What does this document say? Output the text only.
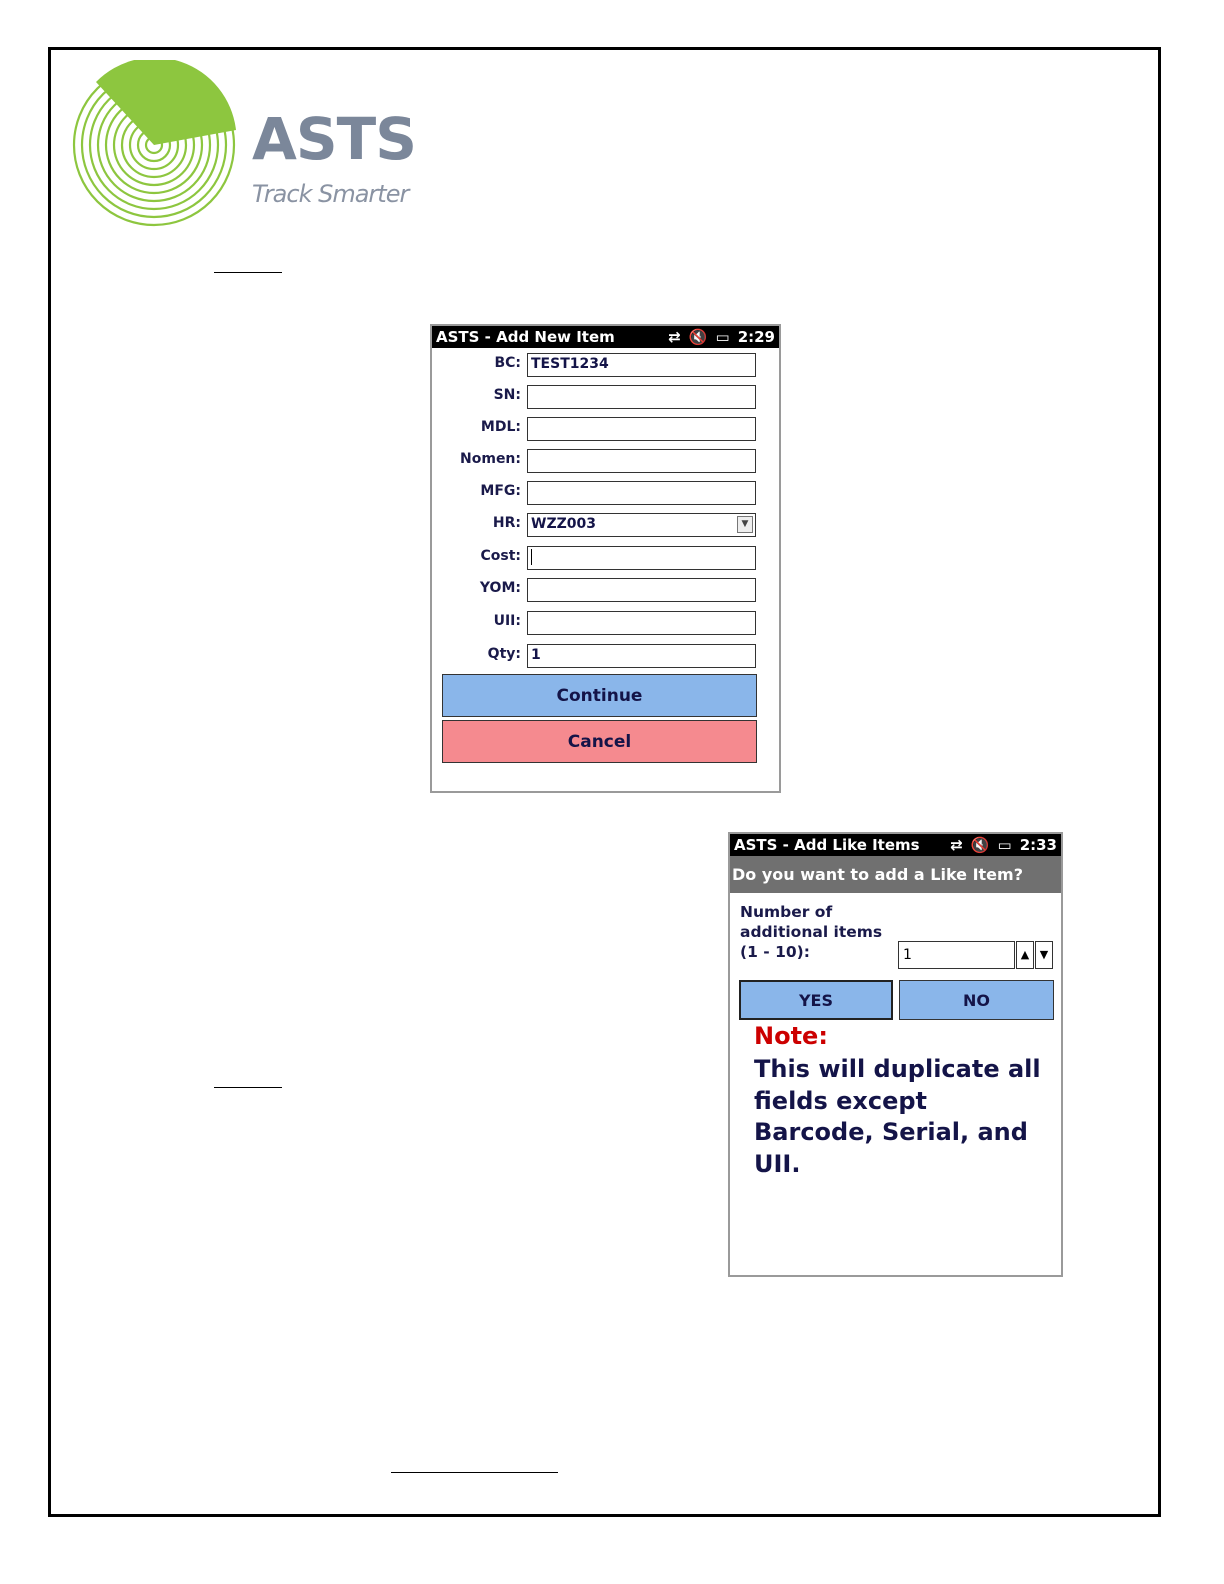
ASTS
Track Smarter
ASTS - Add New Item	⇄ 🔇 ▭ 2:29
BC: TEST1234
SN:
MDL:
Nomen:
MFG:
HR: WZZ003	▼
Cost:
YOM:
UII:
Qty: 1
Continue
Cancel
ASTS - Add Like Items	⇄ 🔇 ▭ 2:33
Do you want to add a Like Item?
Number of
additional items
(1 - 10):	1	▲ ▼
YES	NO
Note:
This will duplicate all fields except Barcode, Serial, and UII.
